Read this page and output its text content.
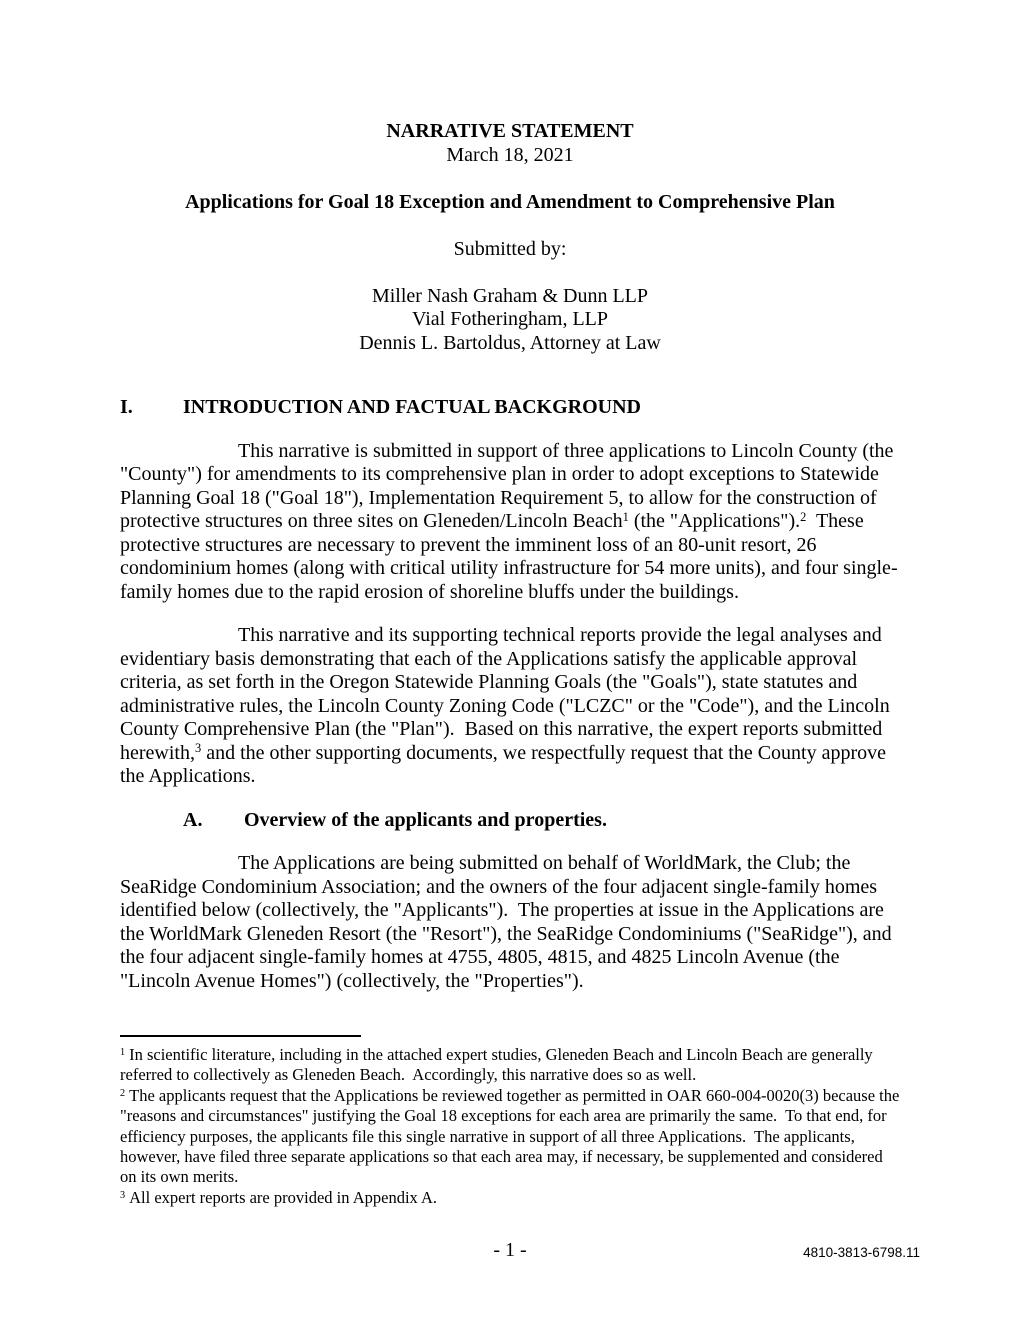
NARRATIVE STATEMENT
March 18, 2021
Applications for Goal 18 Exception and Amendment to Comprehensive Plan
Submitted by:
Miller Nash Graham & Dunn LLP
Vial Fotheringham, LLP
Dennis L. Bartoldus, Attorney at Law
I.	INTRODUCTION AND FACTUAL BACKGROUND

This narrative is submitted in support of three applications to Lincoln County (the "County") for amendments to its comprehensive plan in order to adopt exceptions to Statewide Planning Goal 18 ("Goal 18"), Implementation Requirement 5, to allow for the construction of protective structures on three sites on Gleneden/Lincoln Beach$^1$ (the "Applications").$^2$  These protective structures are necessary to prevent the imminent loss of an 80-unit resort, 26 condominium homes (along with critical utility infrastructure for 54 more units), and four single-family homes due to the rapid erosion of shoreline bluffs under the buildings.

This narrative and its supporting technical reports provide the legal analyses and evidentiary basis demonstrating that each of the Applications satisfy the applicable approval criteria, as set forth in the Oregon Statewide Planning Goals (the "Goals"), state statutes and administrative rules, the Lincoln County Zoning Code ("LCZC" or the "Code"), and the Lincoln County Comprehensive Plan (the "Plan").  Based on this narrative, the expert reports submitted herewith,$^3$ and the other supporting documents, we respectfully request that the County approve the Applications.

A. Overview of the applicants and properties.

The Applications are being submitted on behalf of WorldMark, the Club; the SeaRidge Condominium Association; and the owners of the four adjacent single-family homes identified below (collectively, the "Applicants").  The properties at issue in the Applications are the WorldMark Gleneden Resort (the "Resort"), the SeaRidge Condominiums ("SeaRidge"), and the four adjacent single-family homes at 4755, 4805, 4815, and 4825 Lincoln Avenue (the "Lincoln Avenue Homes") (collectively, the "Properties").

$^1$ In scientific literature, including in the attached expert studies, Gleneden Beach and Lincoln Beach are generally referred to collectively as Gleneden Beach.  Accordingly, this narrative does so as well.
$^2$ The applicants request that the Applications be reviewed together as permitted in OAR 660-004-0020(3) because the "reasons and circumstances" justifying the Goal 18 exceptions for each area are primarily the same.  To that end, for efficiency purposes, the applicants file this single narrative in support of all three Applications.  The applicants, however, have filed three separate applications so that each area may, if necessary, be supplemented and considered on its own merits.
$^3$ All expert reports are provided in Appendix A.
- 1 -	4810-3813-6798.11
